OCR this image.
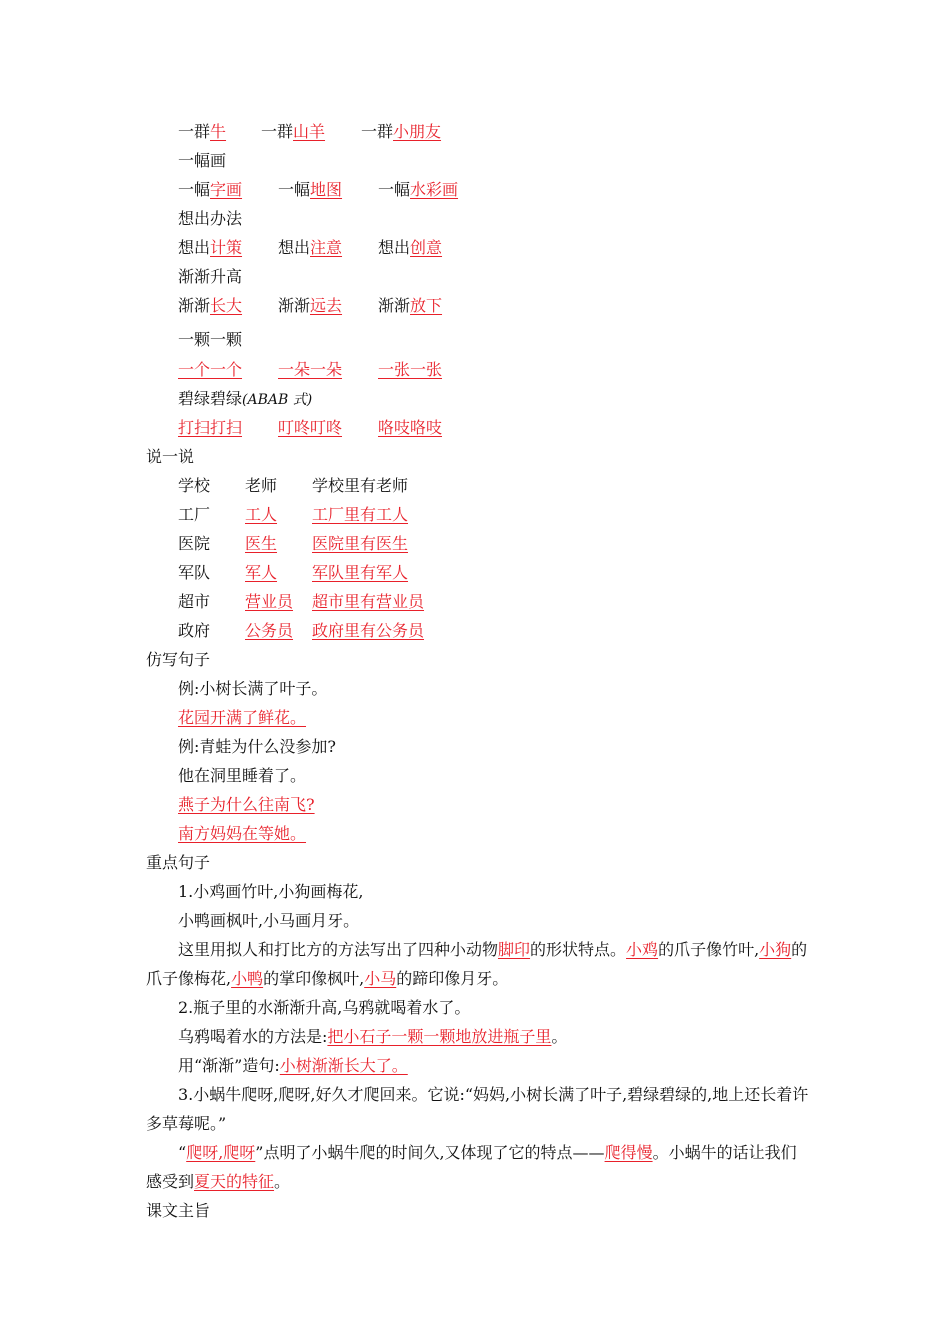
一群牛 一群山羊 一群小朋友
一幅画
一幅字画 一幅地图 一幅水彩画
想出办法
想出计策 想出注意 想出创意
渐渐升高
渐渐长大 渐渐远去 渐渐放下
一颗一颗
一个一个 一朵一朵 一张一张
碧绿碧绿(ABAB 式)
打扫打扫 叮咚叮咚 咯吱咯吱
说一说
学校 老师 学校里有老师
工厂 工人 工厂里有工人
医院 医生 医院里有医生
军队 军人 军队里有军人
超市 营业员 超市里有营业员
政府 公务员 政府里有公务员
仿写句子
例:小树长满了叶子。
花园开满了鲜花。
例:青蛙为什么没参加?
他在洞里睡着了。
燕子为什么往南飞?
南方妈妈在等她。
重点句子
1.小鸡画竹叶,小狗画梅花,
小鸭画枫叶,小马画月牙。
这里用拟人和打比方的方法写出了四种小动物脚印的形状特点。小鸡的爪子像竹叶,小狗的爪子像梅花,小鸭的掌印像枫叶,小马的蹄印像月牙。
2.瓶子里的水渐渐升高,乌鸦就喝着水了。
乌鸦喝着水的方法是:把小石子一颗一颗地放进瓶子里。
用“渐渐”造句:小树渐渐长大了。
3.小蜗牛爬呀,爬呀,好久才爬回来。它说:“妈妈,小树长满了叶子,碧绿碧绿的,地上还长着许多草莓呢。”
“爬呀,爬呀”点明了小蜗牛爬的时间久,又体现了它的特点——爬得慢。小蜗牛的话让我们感受到夏天的特征。
课文主旨
